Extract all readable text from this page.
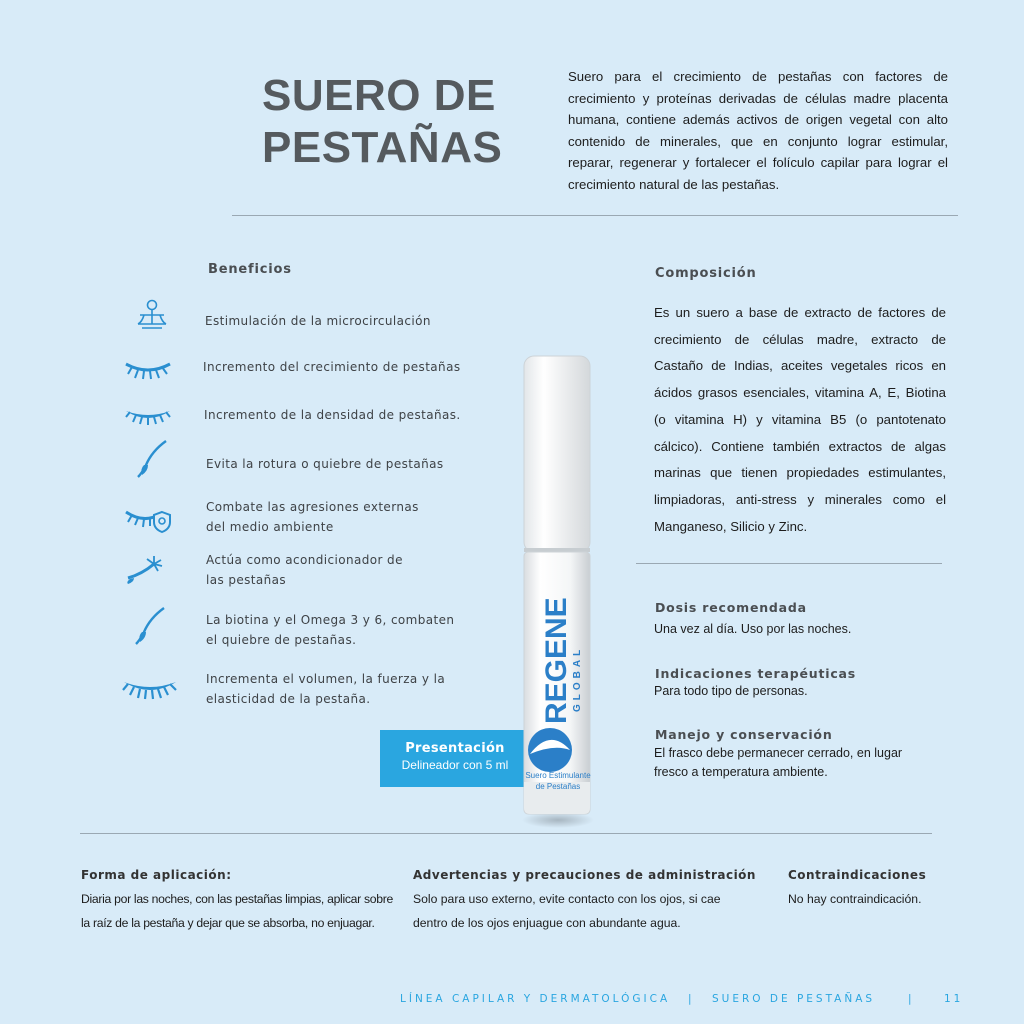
SUERO DE
PESTAÑAS
Suero para el crecimiento de pestañas con factores de crecimiento y proteínas derivadas de células madre placenta humana, contiene además activos de origen vegetal con alto contenido de minerales, que en conjunto lograr estimular, reparar, regenerar y fortalecer el folículo capilar para lograr el crecimiento natural de las pestañas.
Beneficios
Estimulación de la microcirculación
Incremento del crecimiento de pestañas
Incremento de la densidad de pestañas.
Evita la rotura o quiebre de pestañas
Combate las agresiones externas
del medio ambiente
Actúa como acondicionador de
las pestañas
La biotina y el Omega 3 y 6, combaten
el quiebre de pestañas.
Incrementa el volumen, la fuerza y la
elasticidad de la pestaña.
Presentación
Delineador con 5 ml
REGENE GLOBAL
Suero Estimulante
de Pestañas
Composición
Es un suero a base de extracto de factores de crecimiento de células madre, extracto de Castaño de Indias, aceites vegetales ricos en ácidos grasos esenciales, vitamina A, E, Biotina (o vitamina H) y vitamina B5 (o pantotenato cálcico). Contiene también extractos de algas marinas que tienen propiedades estimulantes, limpiadoras, anti-stress y minerales como el Manganeso, Silicio y Zinc.
Dosis recomendada
Una vez al día. Uso por las noches.
Indicaciones terapéuticas
Para todo tipo de personas.
Manejo y conservación
El frasco debe permanecer cerrado, en lugar
fresco a temperatura ambiente.
Forma de aplicación:
Diaria por las noches, con las pestañas limpias, aplicar sobre
la raíz de la pestaña y dejar que se absorba, no enjuagar.
Advertencias y precauciones de administración
Solo para uso externo, evite contacto con los ojos, si cae
dentro de los ojos enjuague con abundante agua.
Contraindicaciones
No hay contraindicación.
LÍNEA CAPILAR Y DERMATOLÓGICA | SUERO DE PESTAÑAS	|	11
